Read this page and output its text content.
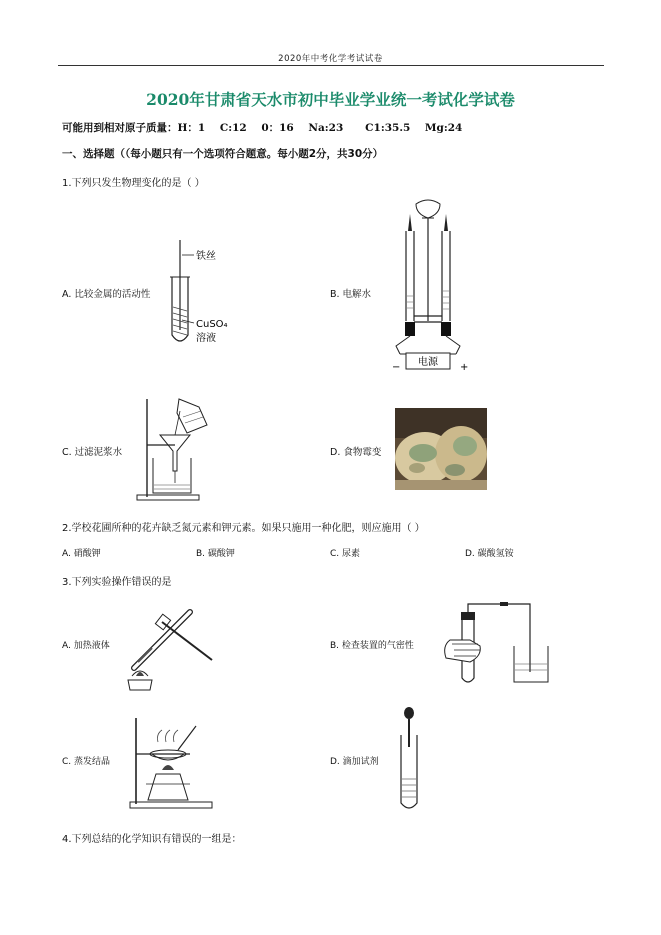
2020年中考化学考试试卷
2020年甘肃省天水市初中毕业学业统一考试化学试卷
可能用到相对原子质量：H：1    C:12    0：16    Na:23      C1:35.5    Mg:24
一、选择题（（每小题只有一个选项符合题意。每小题2分，共30分）
1.下列只发生物理变化的是（ ）
A. 比较金属的活动性
铁丝
CuSO₄
溶液
B. 电解水
电源
−	+
C. 过滤泥浆水	D. 食物霉变
2.学校花圃所种的花卉缺乏氮元素和钾元素。如果只施用一种化肥，则应施用（ ）
A. 硝酸钾	B. 碳酸钾	C. 尿素	D. 碳酸氢铵
3.下列实验操作错误的是
A. 加热液体	B. 检查装置的气密性
C. 蒸发结晶	D. 滴加试剂
4.下列总结的化学知识有错误的一组是：
